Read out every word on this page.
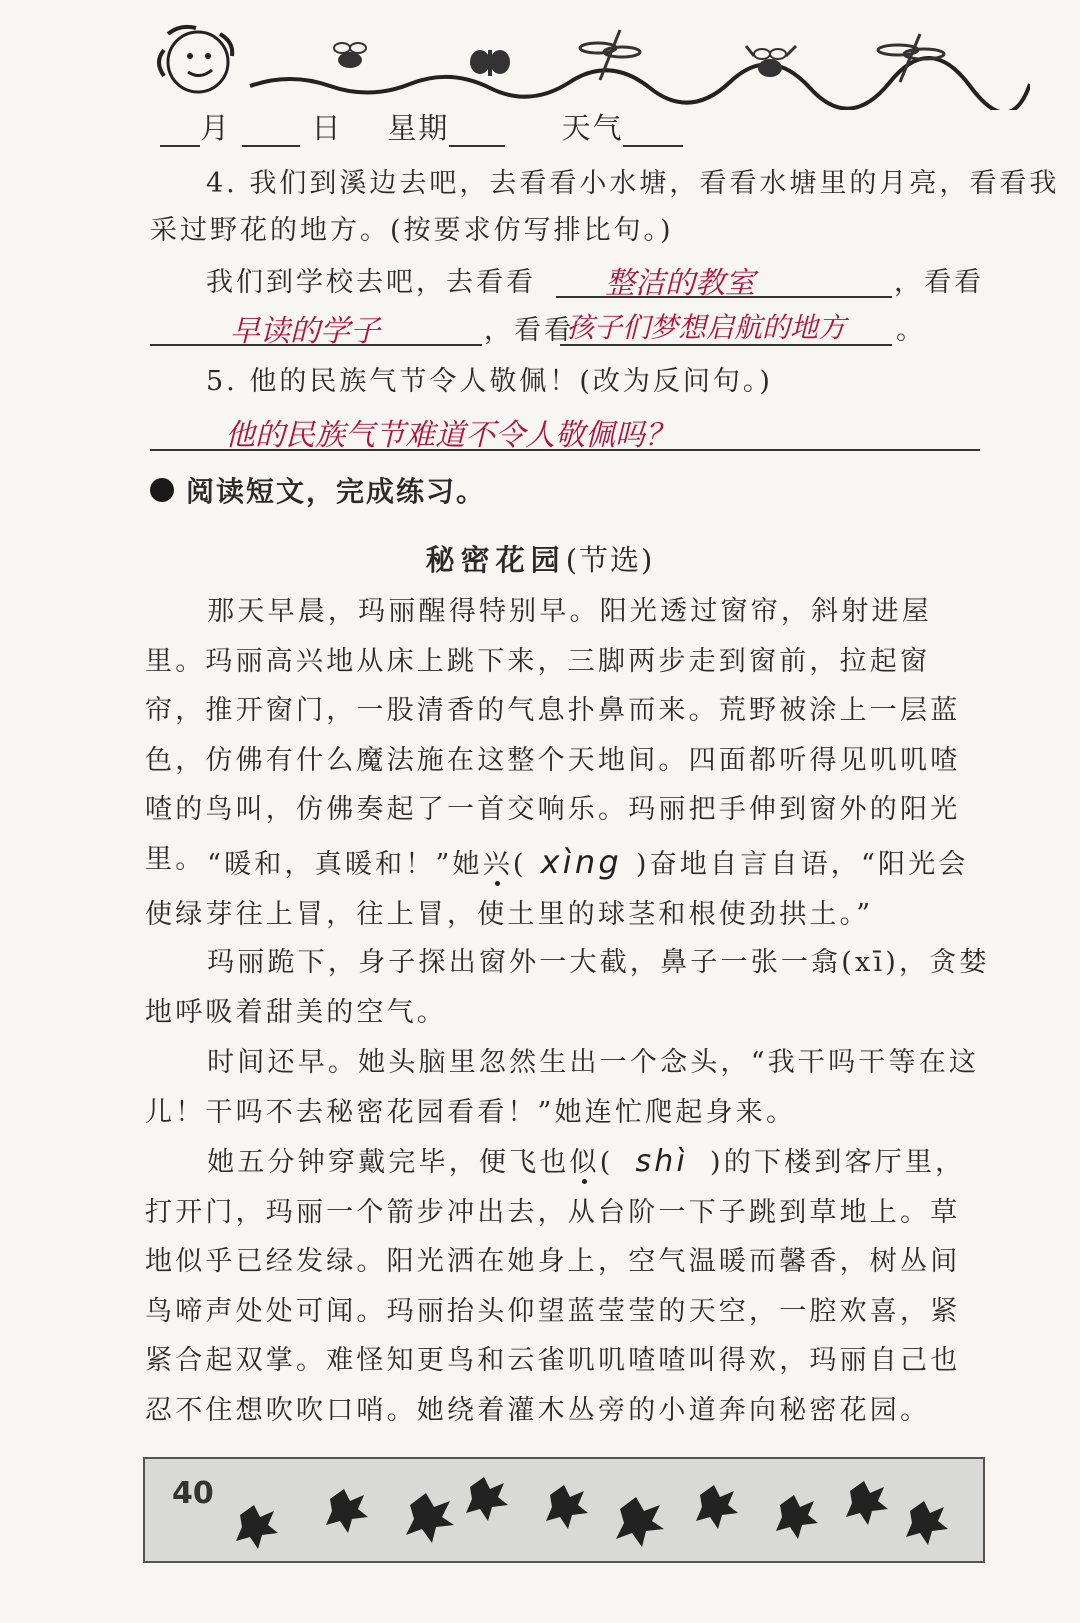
月	日 星期	天气
4. 我们到溪边去吧，去看看小水塘，看看水塘里的月亮，看看我
采过野花的地方。(按要求仿写排比句。)
我们到学校去吧，去看看 整洁的教室	，看看
早读的学子	，看看
孩子们梦想启航的地方 。
5. 他的民族气节令人敬佩！(改为反问句。)
他的民族气节难道不令人敬佩吗？
阅读短文，完成练习。
秘密花园(节选)
那天早晨，玛丽醒得特别早。阳光透过窗帘，斜射进屋里。玛丽高兴地从床上跳下来，三脚两步走到窗前，拉起窗帘，推开窗门，一股清香的气息扑鼻而来。荒野被涂上一层蓝色，仿佛有什么魔法施在这整个天地间。四面都听得见叽叽喳喳的鸟叫，仿佛奏起了一首交响乐。玛丽把手伸到窗外的阳光里。 “暖和，真暖和！”她兴( xìng )奋地自言自语，“阳光会使绿芽往上冒，往上冒，使土里的球茎和根使劲拱土。”
玛丽跪下，身子探出窗外一大截，鼻子一张一翕(xī)，贪婪地呼吸着甜美的空气。
时间还早。她头脑里忽然生出一个念头，“我干吗干等在这儿！干吗不去秘密花园看看！”她连忙爬起身来。
她五分钟穿戴完毕，便飞也似( shì )的下楼到客厅里，打开门，玛丽一个箭步冲出去，从台阶一下子跳到草地上。草地似乎已经发绿。阳光洒在她身上，空气温暖而馨香，树丛间鸟啼声处处可闻。玛丽抬头仰望蓝莹莹的天空，一腔欢喜，紧紧合起双掌。难怪知更鸟和云雀叽叽喳喳叫得欢，玛丽自己也忍不住想吹吹口哨。她绕着灌木丛旁的小道奔向秘密花园。
40
